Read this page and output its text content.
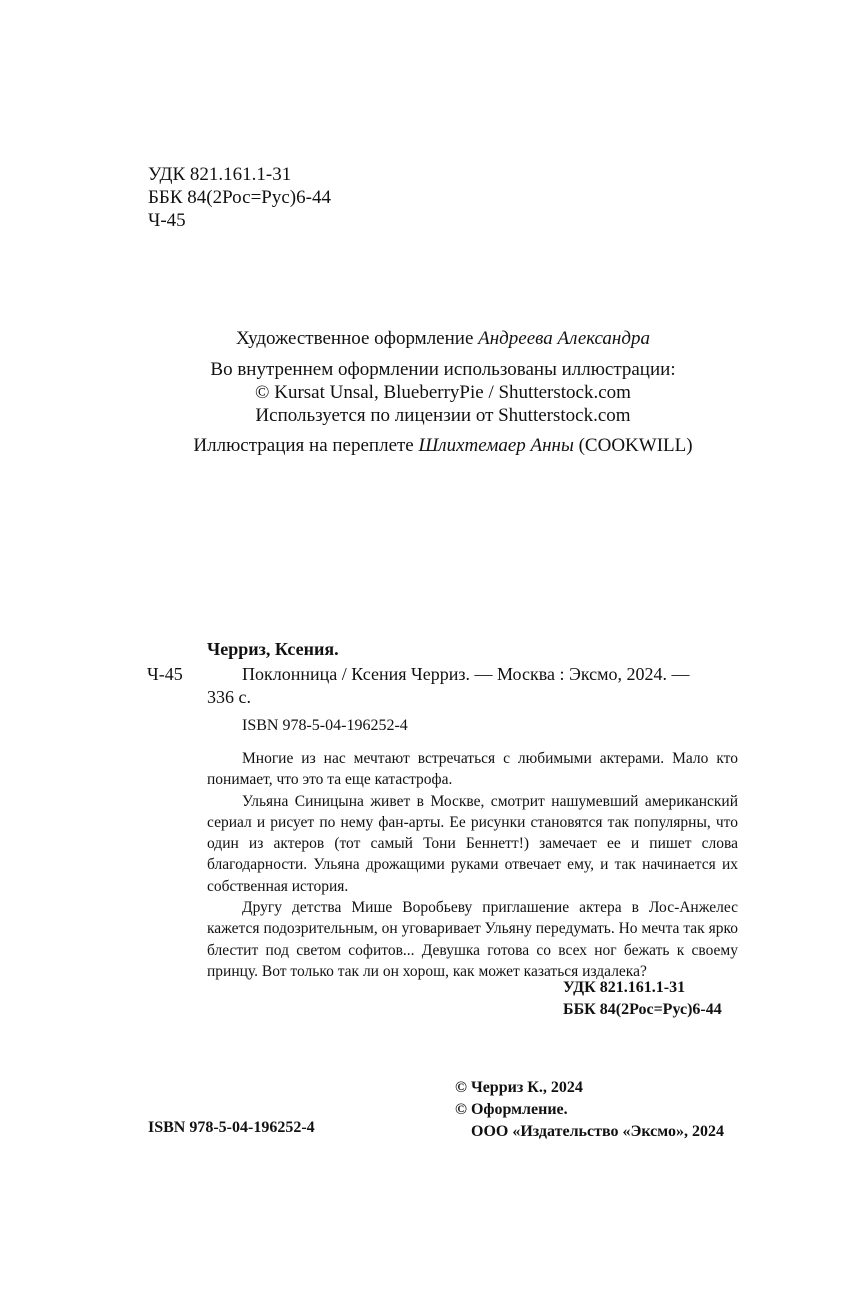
УДК 821.161.1-31
ББК 84(2Рос=Рус)6-44
Ч-45
Художественное оформление Андреева Александра
Во внутреннем оформлении использованы иллюстрации:
© Kursat Unsal, BlueberryPie / Shutterstock.com
Используется по лицензии от Shutterstock.com
Иллюстрация на переплете Шлихтемаер Анны (COOKWILL)
Черриз, Ксения.
Ч-45	Поклонница / Ксения Черриз. — Москва : Эксмо, 2024. —
336 с.
ISBN 978-5-04-196252-4

Многие из нас мечтают встречаться с любимыми актерами. Мало кто понимает, что это та еще катастрофа.

Ульяна Синицына живет в Москве, смотрит нашумевший американский сериал и рисует по нему фан-арты. Ее рисунки становятся так популярны, что один из актеров (тот самый Тони Беннетт!) замечает ее и пишет слова благодарности. Ульяна дрожащими руками отвечает ему, и так начинается их собственная история.

Другу детства Мише Воробьеву приглашение актера в Лос-Анжелес кажется подозрительным, он уговаривает Ульяну передумать. Но мечта так ярко блестит под светом софитов... Девушка готова со всех ног бежать к своему принцу. Вот только так ли он хорош, как может казаться издалека?

УДК 821.161.1-31
ББК 84(2Рос=Рус)6-44
© Черриз К., 2024
© Оформление.
ООО «Издательство «Эксмо», 2024
ISBN 978-5-04-196252-4
